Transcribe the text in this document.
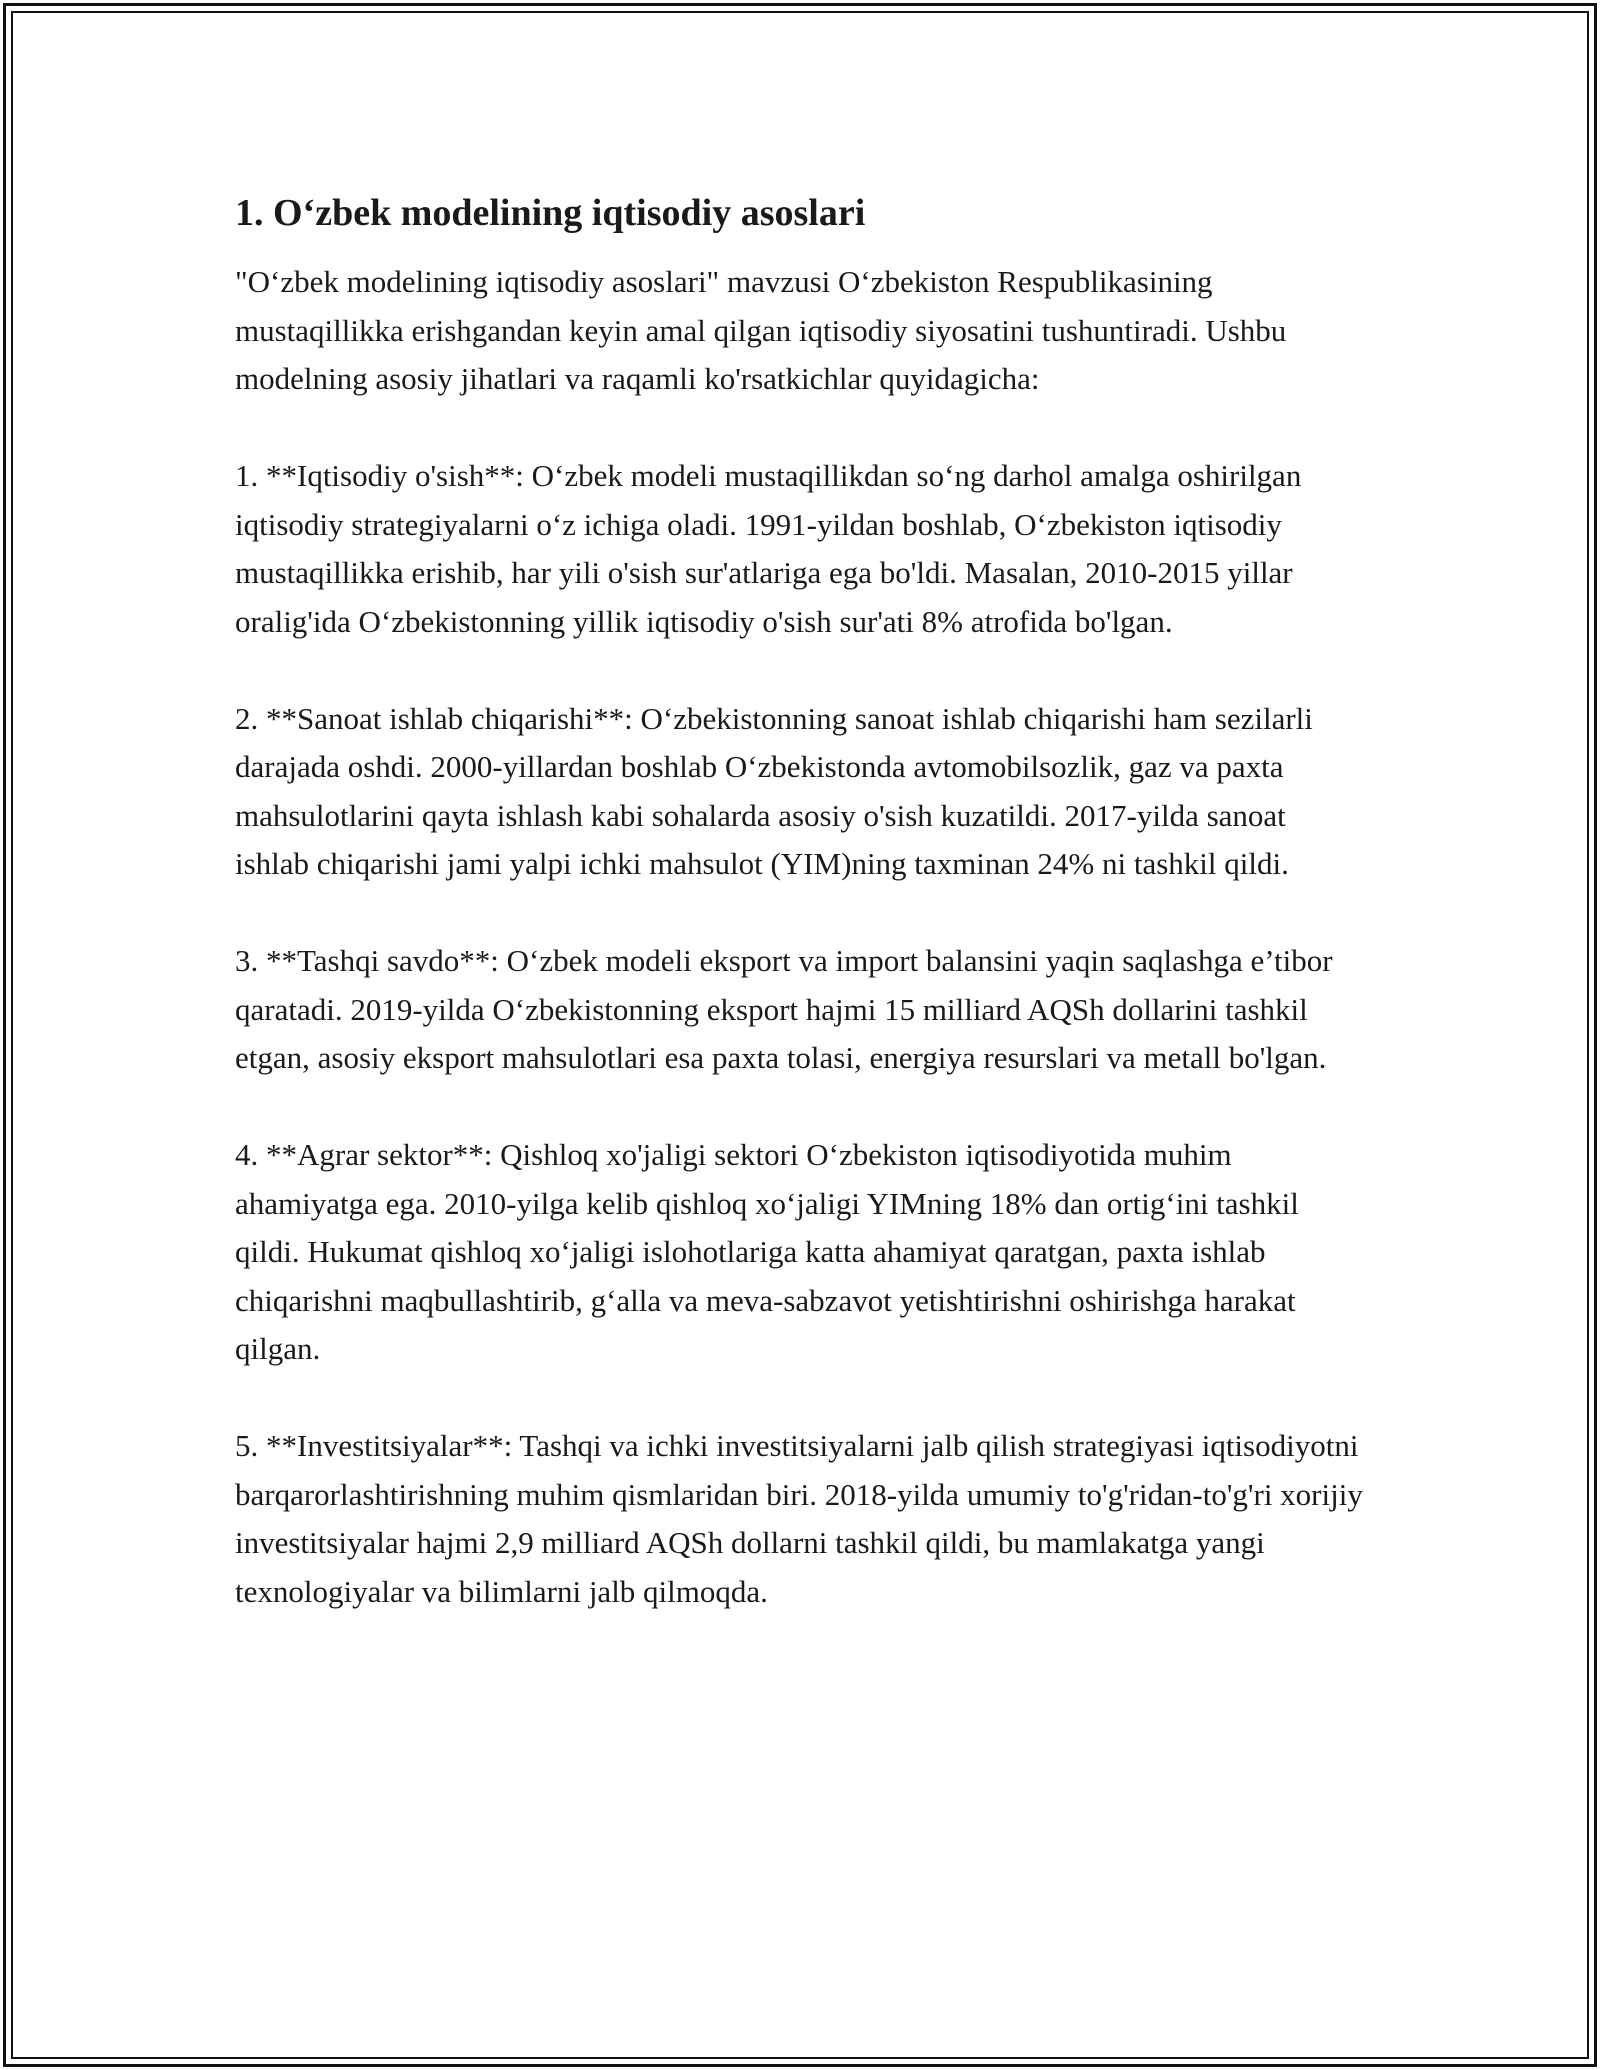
1. O‘zbek modelining iqtisodiy asoslari

"O‘zbek modelining iqtisodiy asoslari" mavzusi O‘zbekiston Respublikasining mustaqillikka erishgandan keyin amal qilgan iqtisodiy siyosatini tushuntiradi. Ushbu modelning asosiy jihatlari va raqamli ko'rsatkichlar quyidagicha:

1. **Iqtisodiy o'sish**: O‘zbek modeli mustaqillikdan so‘ng darhol amalga oshirilgan iqtisodiy strategiyalarni o‘z ichiga oladi. 1991-yildan boshlab, O‘zbekiston iqtisodiy mustaqillikka erishib, har yili o'sish sur'atlariga ega bo'ldi. Masalan, 2010-2015 yillar oralig'ida O‘zbekistonning yillik iqtisodiy o'sish sur'ati 8% atrofida bo'lgan.

2. **Sanoat ishlab chiqarishi**: O‘zbekistonning sanoat ishlab chiqarishi ham sezilarli darajada oshdi. 2000-yillardan boshlab O‘zbekistonda avtomobilsozlik, gaz va paxta mahsulotlarini qayta ishlash kabi sohalarda asosiy o'sish kuzatildi. 2017-yilda sanoat ishlab chiqarishi jami yalpi ichki mahsulot (YIM)ning taxminan 24% ni tashkil qildi.

3. **Tashqi savdo**: O‘zbek modeli eksport va import balansini yaqin saqlashga e’tibor qaratadi. 2019-yilda O‘zbekistonning eksport hajmi 15 milliard AQSh dollarini tashkil etgan, asosiy eksport mahsulotlari esa paxta tolasi, energiya resurslari va metall bo'lgan.

4. **Agrar sektor**: Qishloq xo'jaligi sektori O‘zbekiston iqtisodiyotida muhim ahamiyatga ega. 2010-yilga kelib qishloq xo‘jaligi YIMning 18% dan ortig‘ini tashkil qildi. Hukumat qishloq xo‘jaligi islohotlariga katta ahamiyat qaratgan, paxta ishlab chiqarishni maqbullashtirib, g‘alla va meva-sabzavot yetishtirishni oshirishga harakat qilgan.

5. **Investitsiyalar**: Tashqi va ichki investitsiyalarni jalb qilish strategiyasi iqtisodiyotni barqarorlashtirishning muhim qismlaridan biri. 2018-yilda umumiy to'g'ridan-to'g'ri xorijiy investitsiyalar hajmi 2,9 milliard AQSh dollarni tashkil qildi, bu mamlakatga yangi texnologiyalar va bilimlarni jalb qilmoqda.
